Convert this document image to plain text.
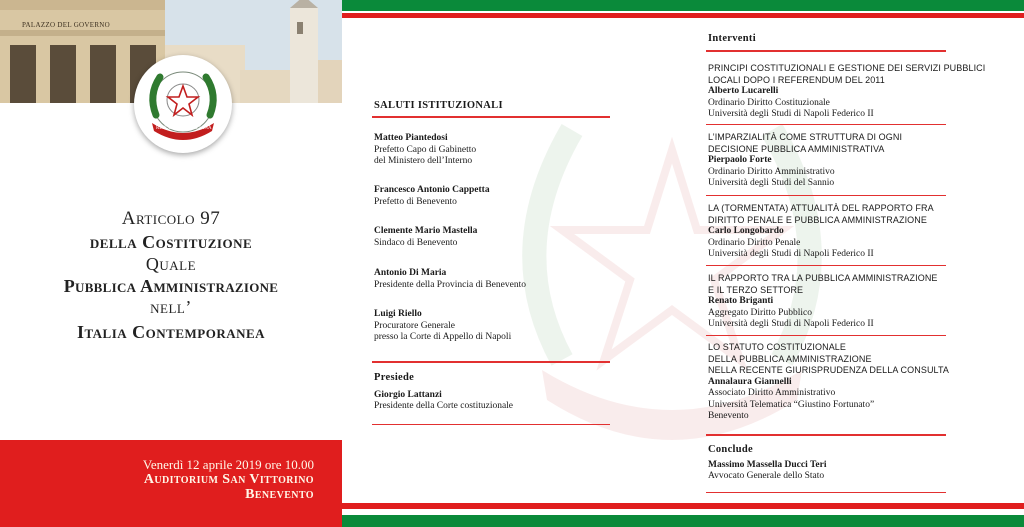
PALAZZO DEL GOVERNO
REPUBBLICA ITALIANA
Articolo 97
della Costituzione
Quale
Pubblica Amministrazione
nell’
Italia Contemporanea
Venerdì 12 aprile 2019 ore 10.00
Auditorium San Vittorino
Benevento
SALUTI ISTITUZIONALI
Matteo Piantedosi
Prefetto Capo di Gabinetto
del Ministero dell’Interno
Francesco Antonio Cappetta
Prefetto di Benevento
Clemente Mario Mastella
Sindaco di Benevento
Antonio Di Maria
Presidente della Provincia di Benevento
Luigi Riello
Procuratore Generale
presso la Corte di Appello di Napoli
Presiede
Giorgio Lattanzi
Presidente della Corte costituzionale
Interventi
PRINCIPI COSTITUZIONALI E GESTIONE DEI SERVIZI PUBBLICI
LOCALI DOPO I REFERENDUM DEL 2011
Alberto Lucarelli
Ordinario Diritto Costituzionale
Università degli Studi di Napoli Federico II
L’IMPARZIALITÀ COME STRUTTURA DI OGNI
DECISIONE PUBBLICA AMMINISTRATIVA
Pierpaolo Forte
Ordinario Diritto Amministrativo
Università degli Studi del Sannio
LA (TORMENTATA) ATTUALITÀ DEL RAPPORTO FRA
DIRITTO PENALE E PUBBLICA AMMINISTRAZIONE
Carlo Longobardo
Ordinario Diritto Penale
Università degli Studi di Napoli Federico II
IL RAPPORTO TRA LA PUBBLICA AMMINISTRAZIONE
E IL TERZO SETTORE
Renato Briganti
Aggregato Diritto Pubblico
Università degli Studi di Napoli Federico II
LO STATUTO COSTITUZIONALE
DELLA PUBBLICA AMMINISTRAZIONE
NELLA RECENTE GIURISPRUDENZA DELLA CONSULTA
Annalaura Giannelli
Associato Diritto Amministrativo
Università Telematica “Giustino Fortunato”
Benevento
Conclude
Massimo Massella Ducci Teri
Avvocato Generale dello Stato
